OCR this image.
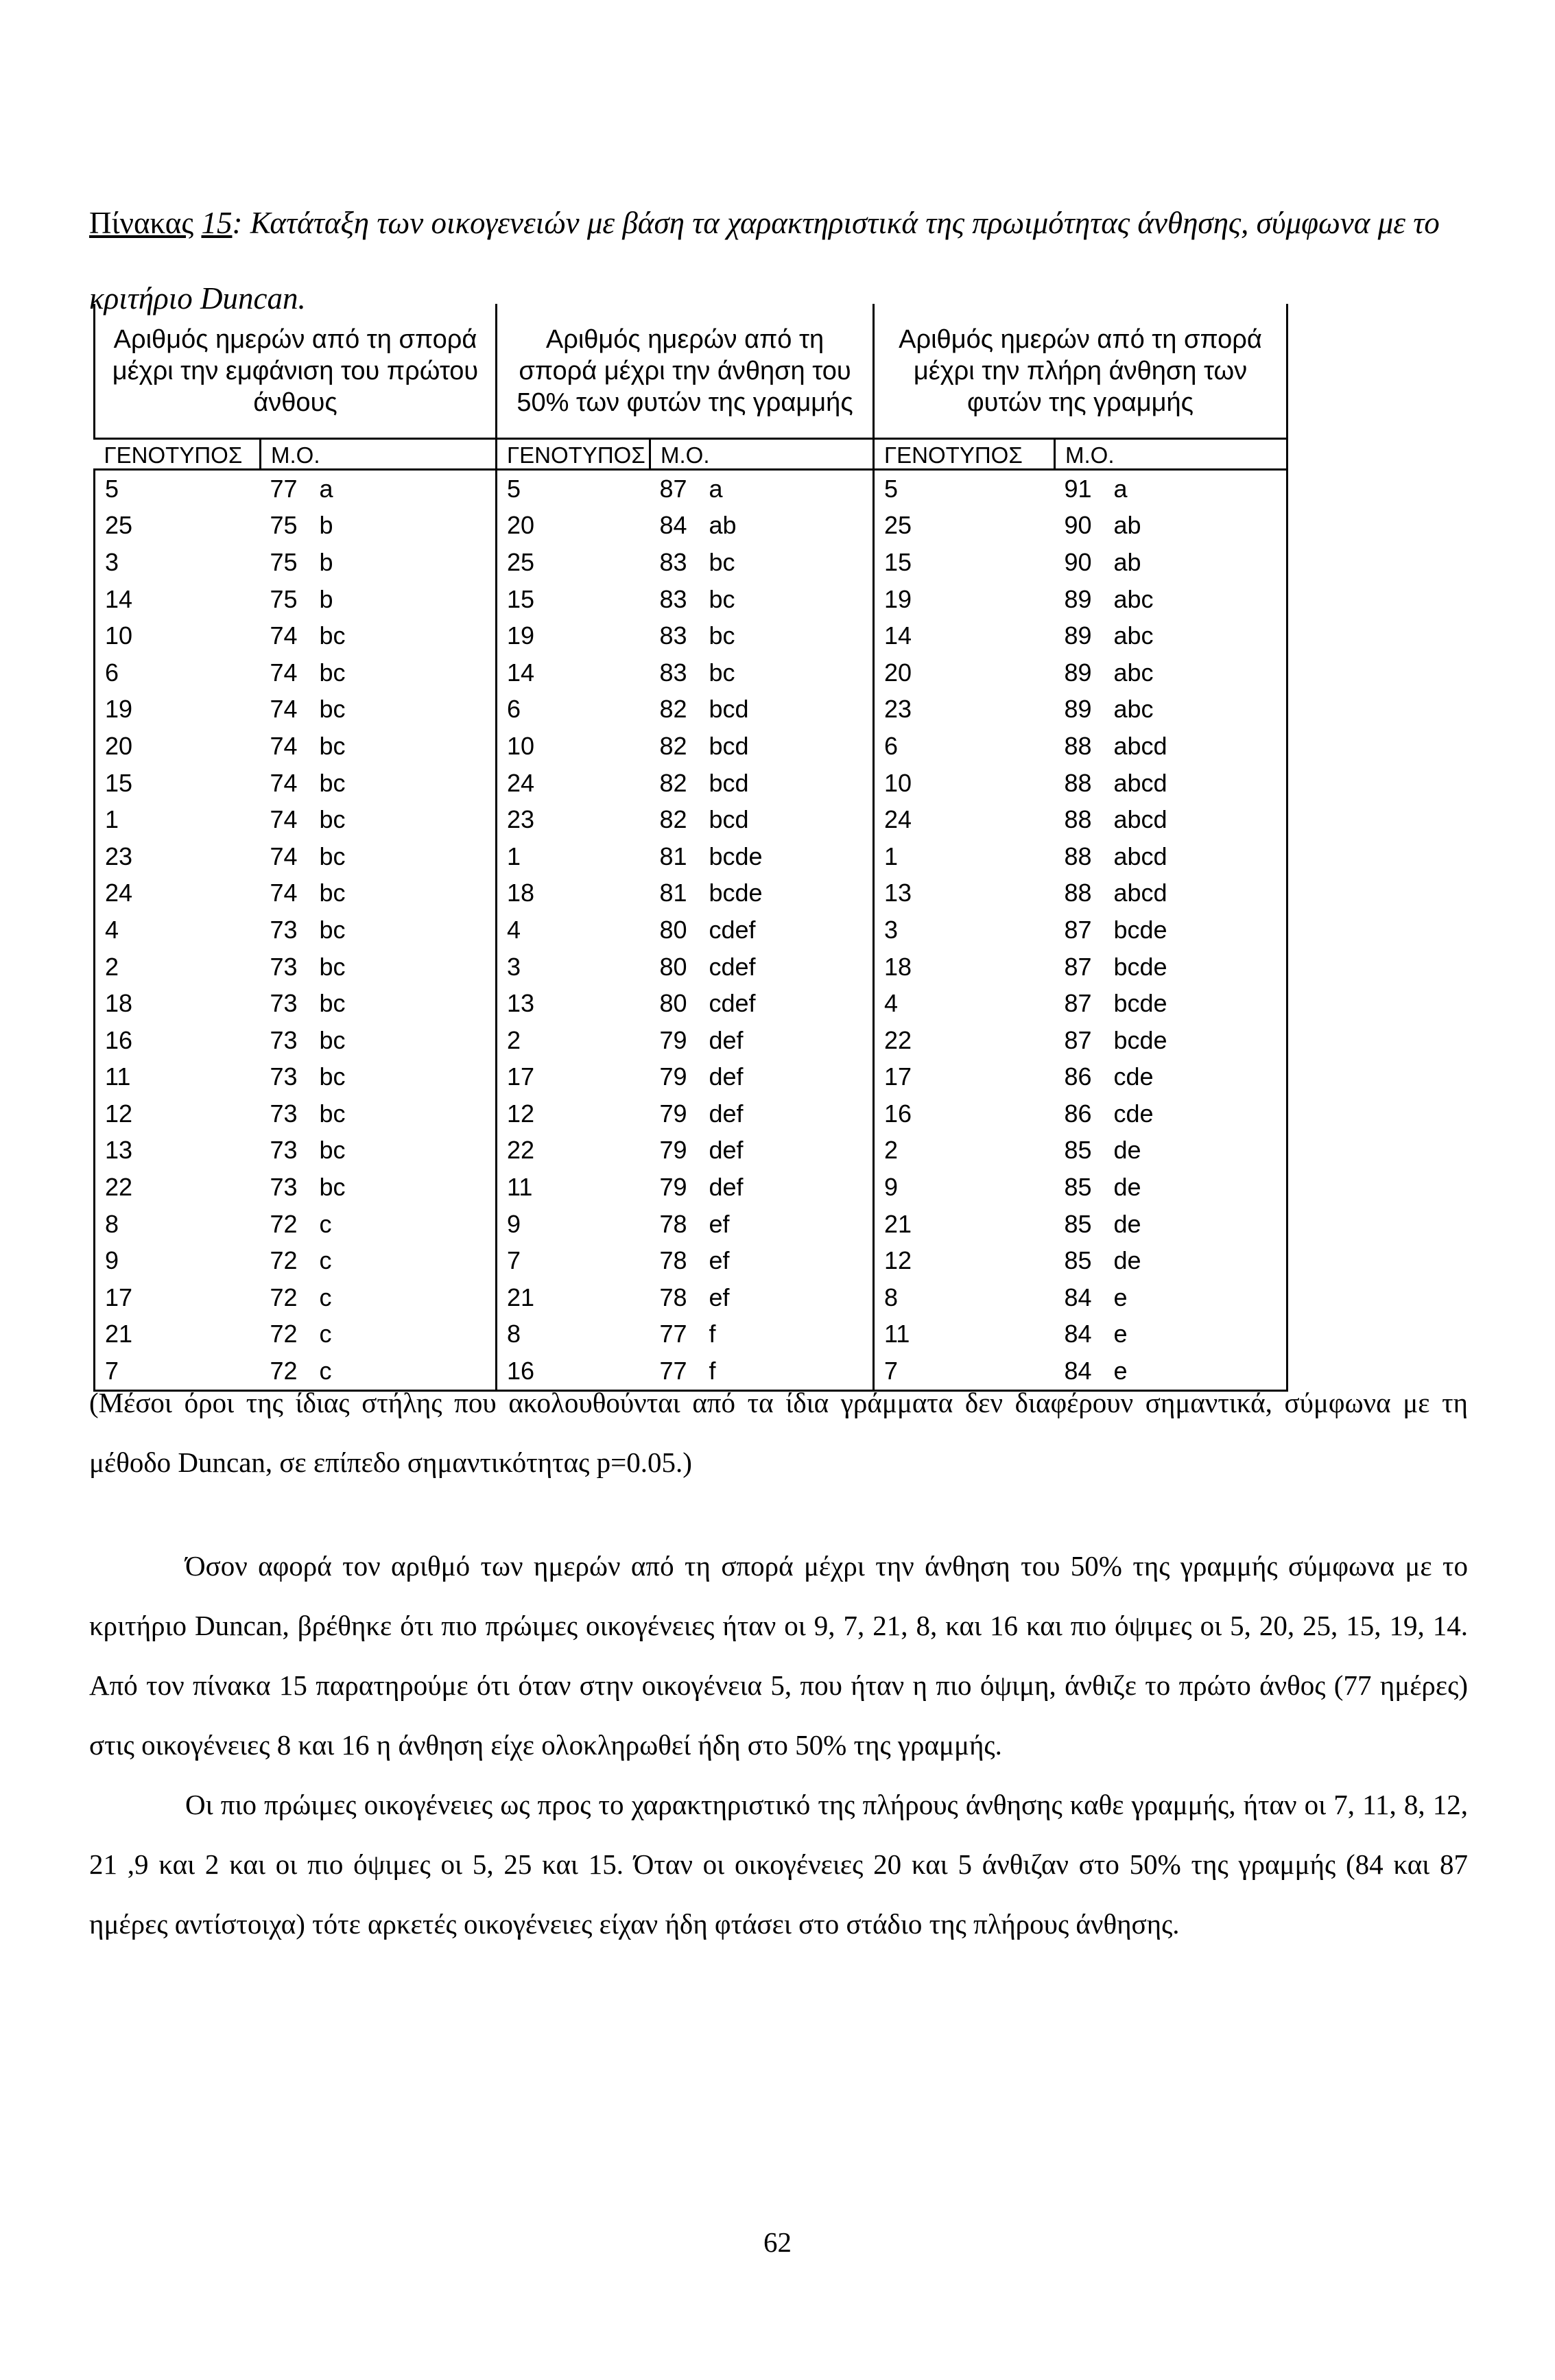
Πίνακας 15: Κατάταξη των οικογενειών με βάση τα χαρακτηριστικά της πρωιμότητας άνθησης, σύμφωνα με το κριτήριο Duncan.
Αριθμός ημερών από τη σπορά μέχρι την εμφάνιση του πρώτου άνθους		Αριθμός ημερών από τη σπορά μέχρι την άνθηση του 50% των φυτών της γραμμής		Αριθμός ημερών από τη σπορά μέχρι την πλήρη άνθηση των φυτών της γραμμής	
ΓΕΝΟΤΥΠΟΣ	Μ.Ο.	ΓΕΝΟΤΥΠΟΣ	Μ.Ο.	ΓΕΝΟΤΥΠΟΣ	Μ.Ο.
5	77 a	5	87 a	5	91 a
25	75 b	20	84 ab	25	90 ab
3	75 b	25	83 bc	15	90 ab
14	75 b	15	83 bc	19	89 abc
10	74 bc	19	83 bc	14	89 abc
6	74 bc	14	83 bc	20	89 abc
19	74 bc	6	82 bcd	23	89 abc
20	74 bc	10	82 bcd	6	88 abcd
15	74 bc	24	82 bcd	10	88 abcd
1	74 bc	23	82 bcd	24	88 abcd
23	74 bc	1	81 bcde	1	88 abcd
24	74 bc	18	81 bcde	13	88 abcd
4	73 bc	4	80 cdef	3	87 bcde
2	73 bc	3	80 cdef	18	87 bcde
18	73 bc	13	80 cdef	4	87 bcde
16	73 bc	2	79 def	22	87 bcde
11	73 bc	17	79 def	17	86 cde
12	73 bc	12	79 def	16	86 cde
13	73 bc	22	79 def	2	85 de
22	73 bc	11	79 def	9	85 de
8	72 c	9	78 ef	21	85 de
9	72 c	7	78 ef	12	85 de
17	72 c	21	78 ef	8	84 e
21	72 c	8	77 f	11	84 e
7	72 c	16	77 f	7	84 e
(Μέσοι όροι της ίδιας στήλης που ακολουθούνται από τα ίδια γράμματα δεν διαφέρουν σημαντικά, σύμφωνα με τη μέθοδο Duncan, σε επίπεδο σημαντικότητας p=0.05.)

Όσον αφορά τον αριθμό των ημερών από τη σπορά μέχρι την άνθηση του 50% της γραμμής σύμφωνα με το κριτήριο Duncan, βρέθηκε ότι πιο πρώιμες οικογένειες ήταν οι 9, 7, 21, 8, και 16 και πιο όψιμες οι 5, 20, 25, 15, 19, 14. Από τον πίνακα 15 παρατηρούμε ότι όταν στην οικογένεια 5, που ήταν η πιο όψιμη, άνθιζε το πρώτο άνθος (77 ημέρες) στις οικογένειες 8 και 16 η άνθηση είχε ολοκληρωθεί ήδη στο 50% της γραμμής.

Οι πιο πρώιμες οικογένειες ως προς το χαρακτηριστικό της πλήρους άνθησης καθε γραμμής, ήταν οι 7, 11, 8, 12, 21 ,9 και 2 και οι πιο όψιμες οι 5, 25 και 15. Όταν οι οικογένειες 20 και 5 άνθιζαν στο 50% της γραμμής (84 και 87 ημέρες αντίστοιχα) τότε αρκετές οικογένειες είχαν ήδη φτάσει στο στάδιο της πλήρους άνθησης.

62
